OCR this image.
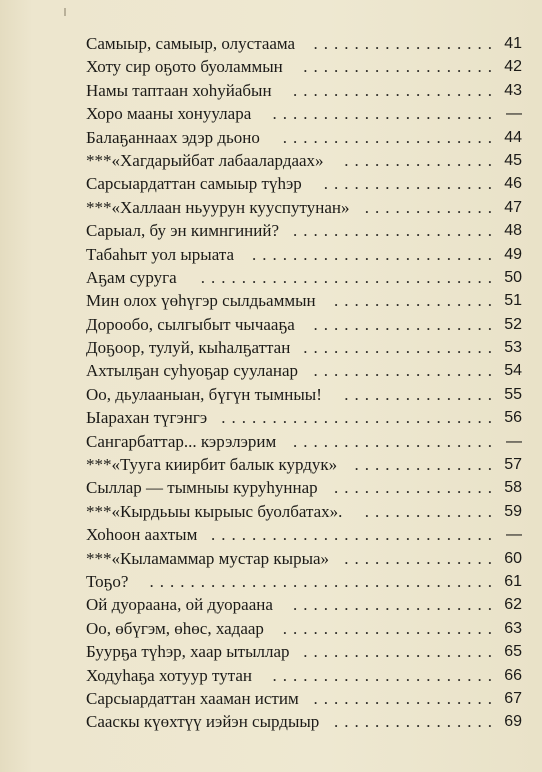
..................
Самыыр, самыыр, олустаама	41
...................
Хоту сир оҕото буоламмын	42
....................
Намы таптаан хоһуйабын	43
......................
Хоро мааны хонуулара	—
.....................
Балаҕаннаах эдэр дьоно	44
...............
***«Хагдарыйбат лабаалардаах»	45
.................
Сарсыардаттан самыыр түһэр	46
.............
***«Халлаан ньуурун кууспутунан»	47
....................
Сарыал, бу эн кимнгиний?	48
........................
Табаһыт уол ырыата	49
.............................
Аҕам суруга	50
................
Мин олох үөһүгэр сылдьаммын	51
..................
Дорообо, сылгыбыт чычааҕа	52
...................
Доҕоор, тулуй, кыһалҕаттан	53
..................
Ахтылҕан суһуоҕар сууланар	54
...............
Оо, дьулааныан, бүгүн тымныы!	55
...........................
Ыарахан түгэнгэ	56
....................
Сангарбаттар... кэрэлэрим	—
..............
***«Тууга киирбит балык курдук»	57
................
Сыллар — тымныы куруһуннар	58
.............
***«Кырдьыы кырыыс буолбатах».	59
............................
Хоһоон аахтым	—
...............
***«Кыламаммар мустар кырыа»	60
..................................
Тоҕо?	61
....................
Ой дуораана, ой дуораана	62
.....................
Оо, өбүгэм, өһөс, хадаар	63
...................
Буурҕа түһэр, хаар ытыллар	65
......................
Ходуһаҕа хотуур тутан	66
..................
Сарсыардаттан хааман истим	67
................
Сааскы күөхтүү иэйэн сырдыыр	69
